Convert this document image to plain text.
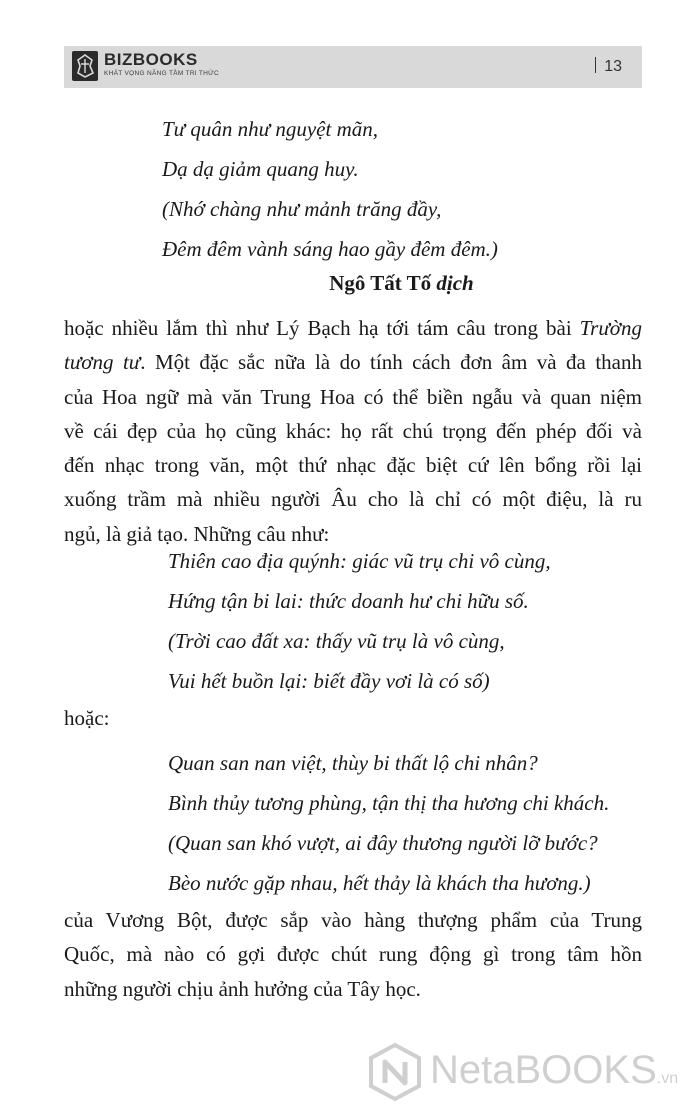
BIZBOOKS
KHÁT VỌNG NĂNG TẦM TRI THỨC	13
Tư quân như nguyệt mãn,
Dạ dạ giảm quang huy.
(Nhớ chàng như mảnh trăng đầy,
Đêm đêm vành sáng hao gầy đêm đêm.)
Ngô Tất Tố dịch
hoặc nhiều lắm thì như Lý Bạch hạ tới tám câu trong bài Trường
tương tư. Một đặc sắc nữa là do tính cách đơn âm và đa thanh
của Hoa ngữ mà văn Trung Hoa có thể biền ngẫu và quan niệm
về cái đẹp của họ cũng khác: họ rất chú trọng đến phép đối và
đến nhạc trong văn, một thứ nhạc đặc biệt cứ lên bổng rồi lại
xuống trầm mà nhiều người Âu cho là chỉ có một điệu, là ru
ngủ, là giả tạo. Những câu như:
Thiên cao địa quýnh: giác vũ trụ chi vô cùng,
Hứng tận bi lai: thức doanh hư chi hữu số.
(Trời cao đất xa: thấy vũ trụ là vô cùng,
Vui hết buồn lại: biết đầy vơi là có số)
hoặc:
Quan san nan việt, thùy bi thất lộ chi nhân?
Bình thủy tương phùng, tận thị tha hương chi khách.
(Quan san khó vượt, ai đây thương người lỡ bước?
Bèo nước gặp nhau, hết thảy là khách tha hương.)
của Vương Bột, được sắp vào hàng thượng phẩm của Trung
Quốc, mà nào có gợi được chút rung động gì trong tâm hồn
những người chịu ảnh hưởng của Tây học.
NetaBOOKS.vn
